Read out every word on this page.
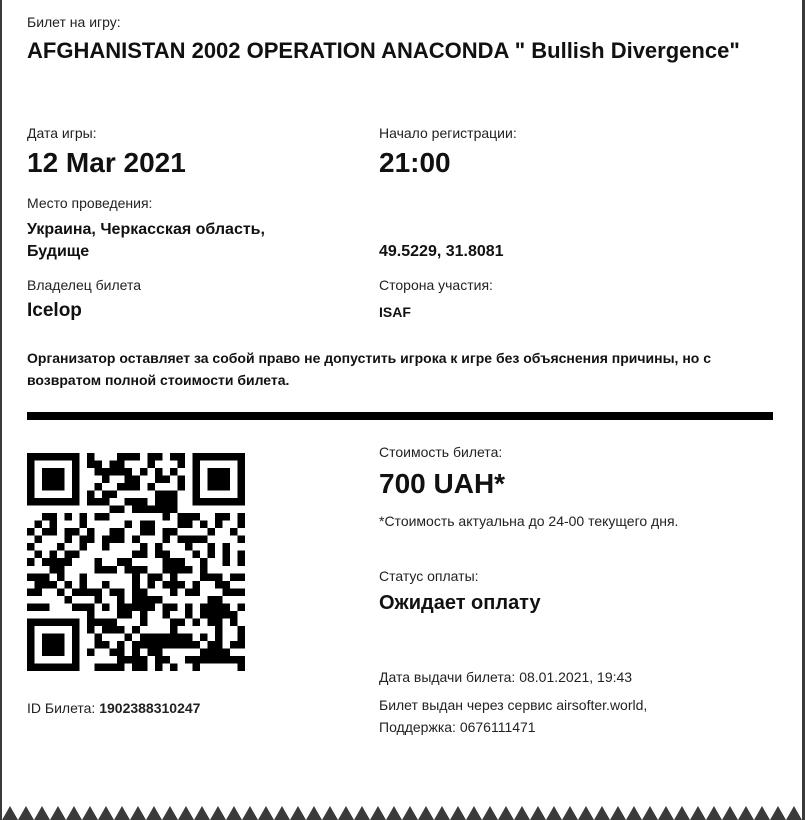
Билет на игру:
AFGHANISTAN 2002 OPERATION ANACONDA " Bullish Divergence"
Дата игры:
12 Mar 2021
Начало регистрации:
21:00
Место проведения:
Украина, Черкасская область, Будище	49.5229, 31.8081
Владелец билета
Icelop
Сторона участия:
ISAF
Организатор оставляет за собой право не допустить игрока к игре без объяснения причины, но с возвратом полной стоимости билета.
ID Билета: 1902388310247
Стоимость билета:
700 UAH*
*Стоимость актуальна до 24-00 текущего дня.
Статус оплаты:
Ожидает оплату
Дата выдачи билета: 08.01.2021, 19:43
Билет выдан через сервис airsofter.world,
Поддержка: 0676111471
